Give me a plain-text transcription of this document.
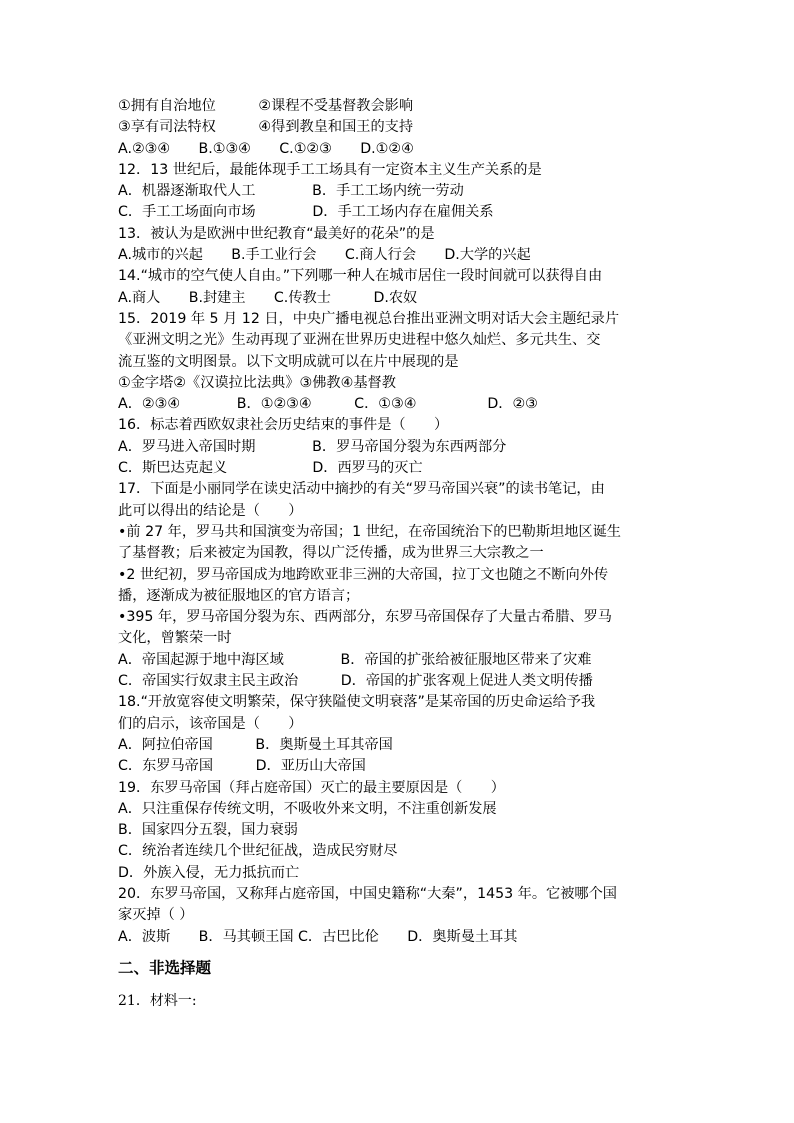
①拥有自治地位　　　②课程不受基督教会影响
③享有司法特权　　　④得到教皇和国王的支持
A.②③④　　B.①③④　　C.①②③　　D.①②④
12．13 世纪后，最能体现手工工场具有一定资本主义生产关系的是
A．机器逐渐取代人工　　　　B．手工工场内统一劳动
C．手工工场面向市场　　　　D．手工工场内存在雇佣关系
13．被认为是欧洲中世纪教育“最美好的花朵”的是
A.城市的兴起　　B.手工业行会　　C.商人行会　　D.大学的兴起
14.“城市的空气使人自由。”下列哪一种人在城市居住一段时间就可以获得自由
A.商人　　B.封建主　　C.传教士　　　D.农奴
15．2019 年 5 月 12 日，中央广播电视总台推出亚洲文明对话大会主题纪录片
《亚洲文明之光》生动再现了亚洲在世界历史进程中悠久灿烂、多元共生、交
流互鉴的文明图景。以下文明成就可以在片中展现的是
①金字塔②《汉谟拉比法典》③佛教④基督教
A．②③④　　　　B．①②③④　　　C．①③④　　　　　D．②③
16．标志着西欧奴隶社会历史结束的事件是（　　）
A．罗马进入帝国时期　　　　B．罗马帝国分裂为东西两部分
C．斯巴达克起义　　　　　　D．西罗马的灭亡
17．下面是小丽同学在读史活动中摘抄的有关“罗马帝国兴衰”的读书笔记，由
此可以得出的结论是（　　）
•前 27 年，罗马共和国演变为帝国；1 世纪，在帝国统治下的巴勒斯坦地区诞生
了基督教；后来被定为国教，得以广泛传播，成为世界三大宗教之一
•2 世纪初，罗马帝国成为地跨欧亚非三洲的大帝国，拉丁文也随之不断向外传
播，逐渐成为被征服地区的官方语言；
•395 年，罗马帝国分裂为东、西两部分，东罗马帝国保存了大量古希腊、罗马
文化，曾繁荣一时
A．帝国起源于地中海区域　　　　B．帝国的扩张给被征服地区带来了灾难
C．帝国实行奴隶主民主政治　　　D．帝国的扩张客观上促进人类文明传播
18.“开放宽容使文明繁荣，保守狭隘使文明衰落”是某帝国的历史命运给予我
们的启示，该帝国是（　　）
A．阿拉伯帝国　　　B．奥斯曼土耳其帝国
C．东罗马帝国　　　D．亚历山大帝国
19．东罗马帝国（拜占庭帝国）灭亡的最主要原因是（　　）
A．只注重保存传统文明，不吸收外来文明，不注重创新发展
B．国家四分五裂，国力衰弱
C．统治者连续几个世纪征战，造成民穷财尽
D．外族入侵，无力抵抗而亡
20．东罗马帝国，又称拜占庭帝国，中国史籍称“大秦”，1453 年。它被哪个国
家灭掉（ ）
A．波斯　　B．马其顿王国 C．古巴比伦　　D．奥斯曼土耳其
二、非选择题
21．材料一:
